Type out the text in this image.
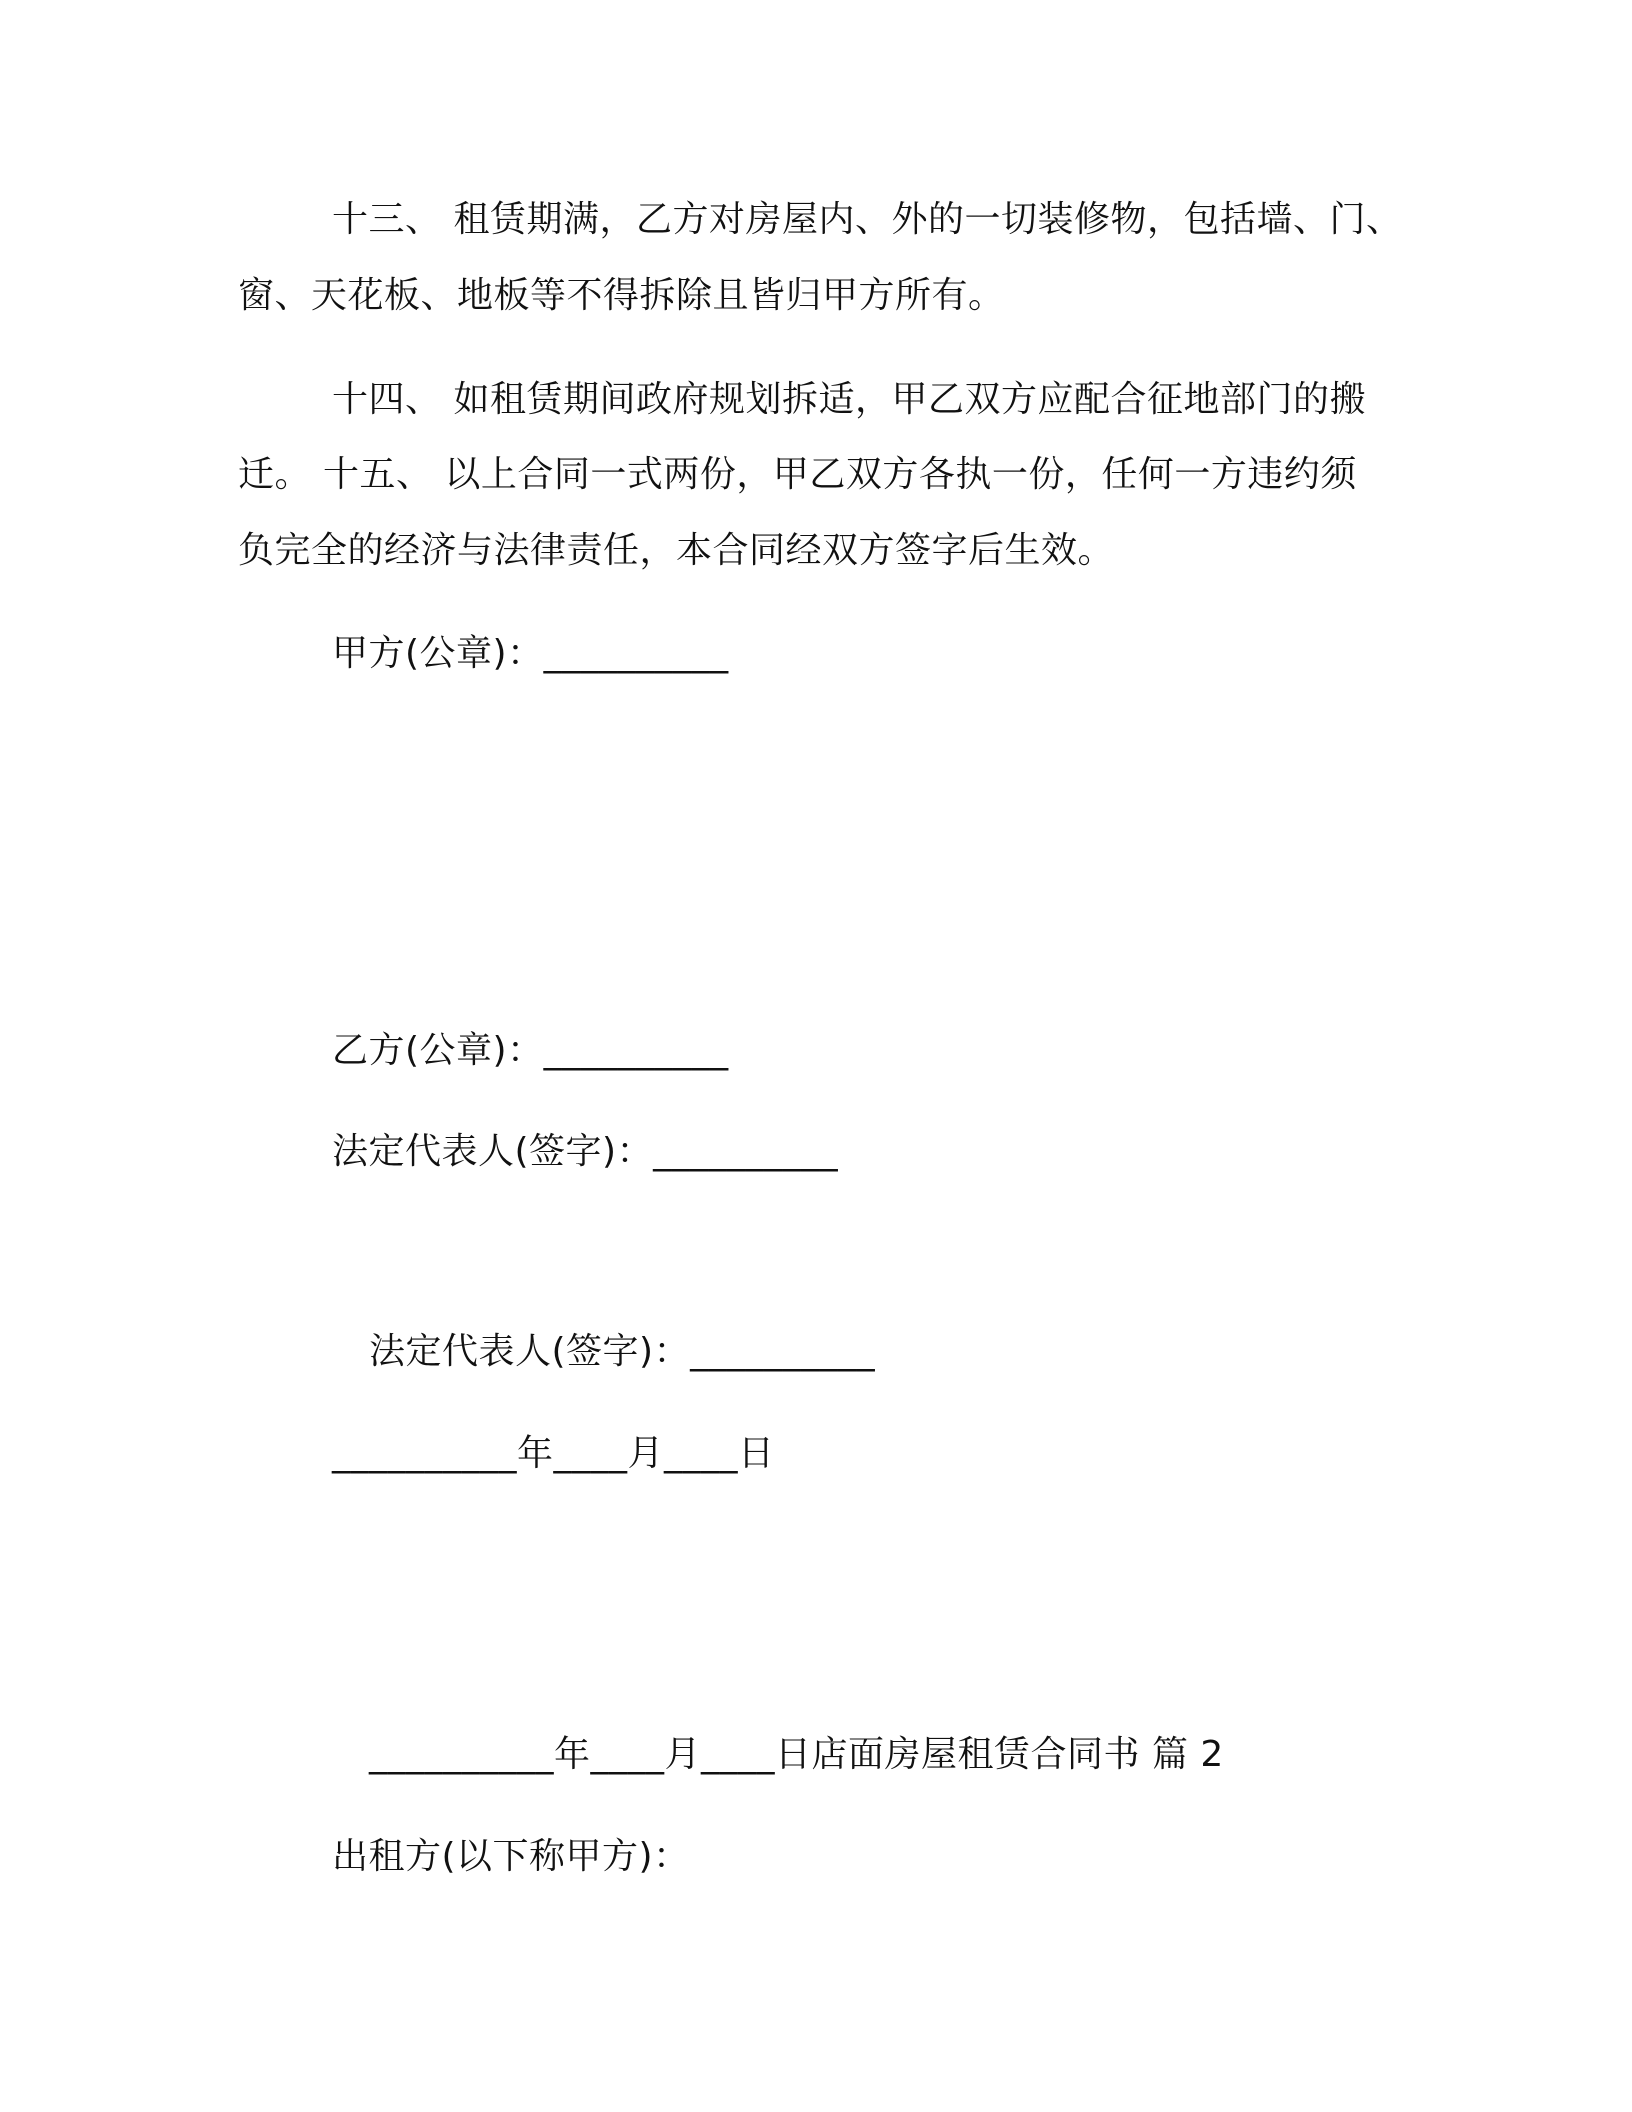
十三、 租赁期满，乙方对房屋内、外的一切装修物，包括墙、门、
窗、天花板、地板等不得拆除且皆归甲方所有。
十四、 如租赁期间政府规划拆适，甲乙双方应配合征地部门的搬
迁。 十五、 以上合同一式两份，甲乙双方各执一份，任何一方违约须
负完全的经济与法律责任，本合同经双方签字后生效。
甲方(公章)：__________
乙方(公章)：__________
法定代表人(签字)：__________
法定代表人(签字)：__________
__________年____月____日
__________年____月____日店面房屋租赁合同书 篇 2
出租方(以下称甲方)：
